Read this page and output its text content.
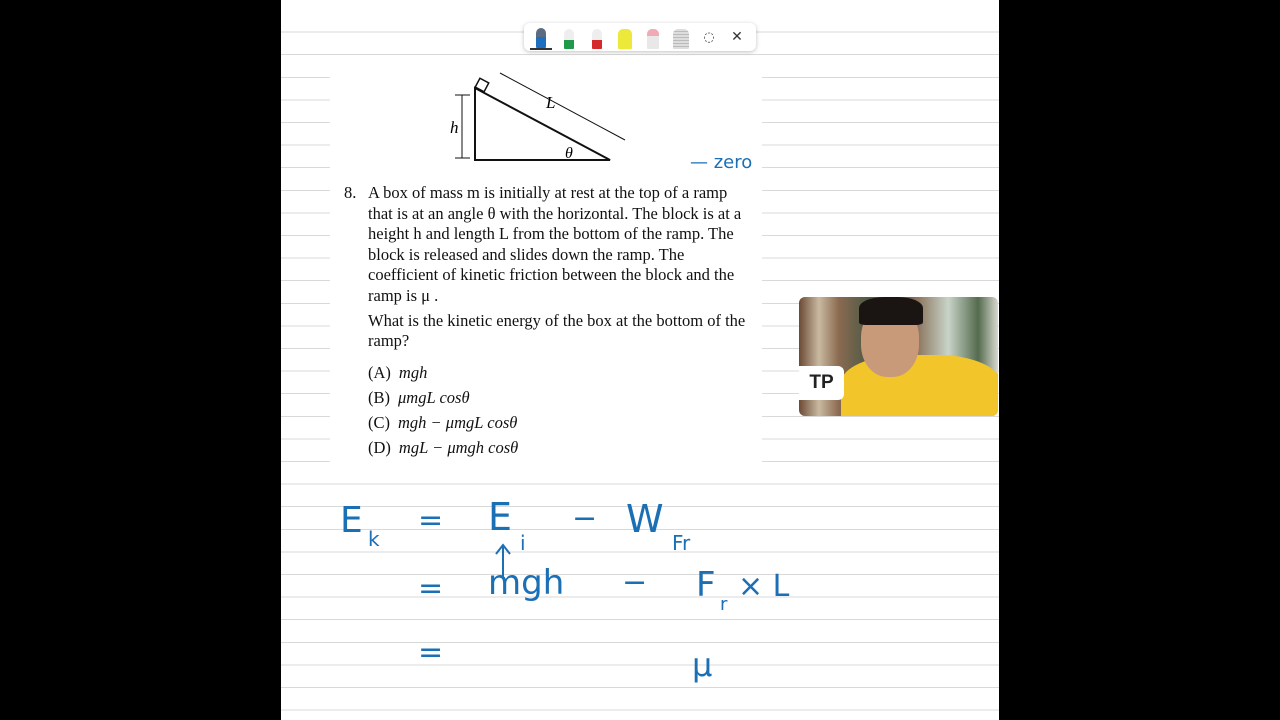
◌ ✕
L
h
θ
8. A box of mass m is initially at rest at the top of a ramp that is at an angle θ with the horizontal. The block is at a height h and length L from the bottom of the ramp. The block is released and slides down the ramp. The coefficient of kinetic friction between the block and the ramp is μ .
What is the kinetic energy of the box at the bottom of the ramp?
(A) mgh
(B) μmgL cosθ
(C) mgh − μmgL cosθ
(D) mgL − μmgh cosθ
— zero
E k
= E
i
− W
Fr
= mgh − F r
× L
=	μ
TP
